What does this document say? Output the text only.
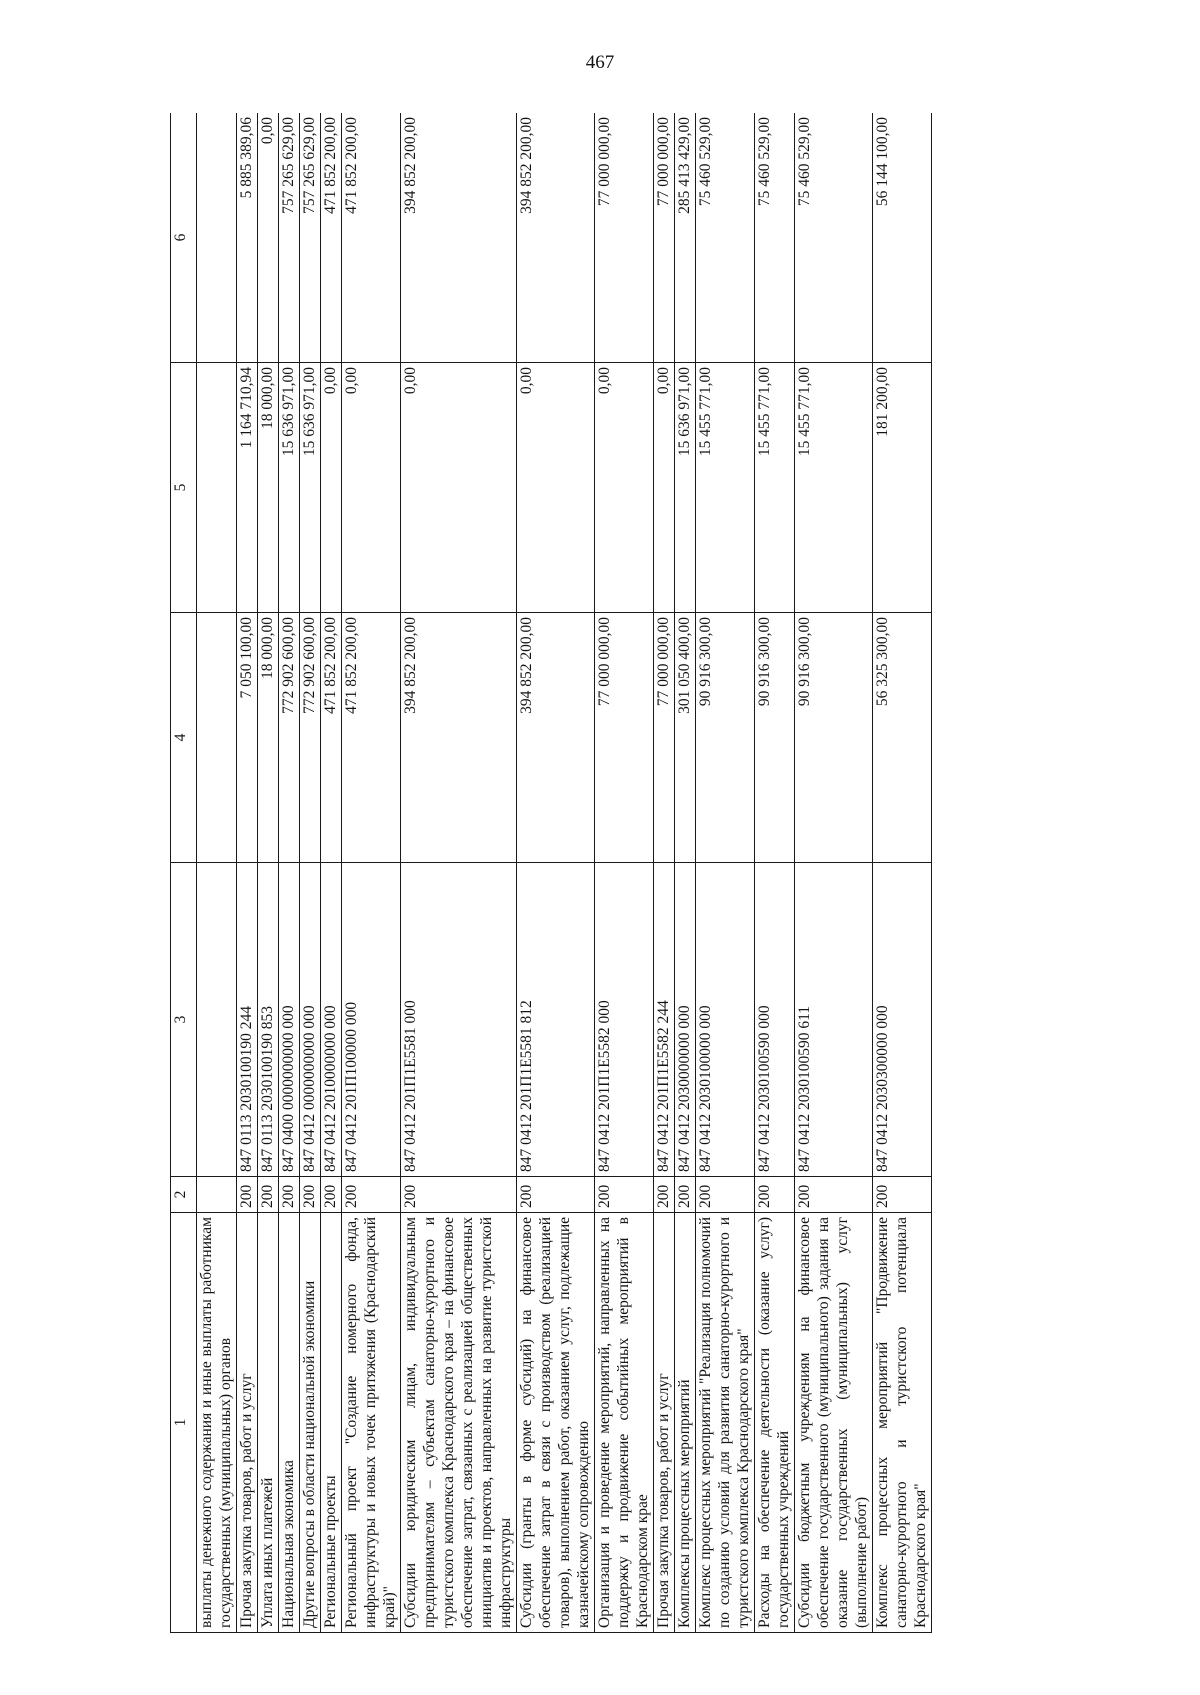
467
1	2	3	4	5	6
выплаты денежного содержания и иные выплаты работникам государственных (муниципальных) органов					
Прочая закупка товаров, работ и услуг	200	847 0113 2030100190 244	7 050 100,00	1 164 710,94	5 885 389,06
Уплата иных платежей	200	847 0113 2030100190 853	18 000,00	18 000,00	0,00
Национальная экономика	200	847 0400 0000000000 000	772 902 600,00	15 636 971,00	757 265 629,00
Другие вопросы в области национальной экономики	200	847 0412 0000000000 000	772 902 600,00	15 636 971,00	757 265 629,00
Региональные проекты	200	847 0412 2010000000 000	471 852 200,00	0,00	471 852 200,00
Региональный проект "Создание номерного фонда, инфраструктуры и новых точек притяжения (Краснодарский край)"	200	847 0412 201П100000 000	471 852 200,00	0,00	471 852 200,00
Субсидии юридическим лицам, индивидуальным предпринимателям – субъектам санаторно-курортного и туристского комплекса Краснодарского края – на финансовое обеспечение затрат, связанных с реализацией общественных инициатив и проектов, направленных на развитие туристской инфраструктуры	200	847 0412 201П1Е5581 000	394 852 200,00	0,00	394 852 200,00
Субсидии (гранты в форме субсидий) на финансовое обеспечение затрат в связи с производством (реализацией товаров), выполнением работ, оказанием услуг, подлежащие казначейскому сопровождению	200	847 0412 201П1Е5581 812	394 852 200,00	0,00	394 852 200,00
Организация и проведение мероприятий, направленных на поддержку и продвижение событийных мероприятий в Краснодарском крае	200	847 0412 201П1Е5582 000	77 000 000,00	0,00	77 000 000,00
Прочая закупка товаров, работ и услуг	200	847 0412 201П1Е5582 244	77 000 000,00	0,00	77 000 000,00
Комплексы процессных мероприятий	200	847 0412 2030000000 000	301 050 400,00	15 636 971,00	285 413 429,00
Комплекс процессных мероприятий "Реализация полномочий по созданию условий для развития санаторно-курортного и туристского комплекса Краснодарского края"	200	847 0412 2030100000 000	90 916 300,00	15 455 771,00	75 460 529,00
Расходы на обеспечение деятельности (оказание услуг) государственных учреждений	200	847 0412 2030100590 000	90 916 300,00	15 455 771,00	75 460 529,00
Субсидии бюджетным учреждениям на финансовое обеспечение государственного (муниципального) задания на оказание государственных (муниципальных) услуг (выполнение работ)	200	847 0412 2030100590 611	90 916 300,00	15 455 771,00	75 460 529,00
Комплекс процессных мероприятий "Продвижение санаторно-курортного и туристского потенциала Краснодарского края"	200	847 0412 2030300000 000	56 325 300,00	181 200,00	56 144 100,00
